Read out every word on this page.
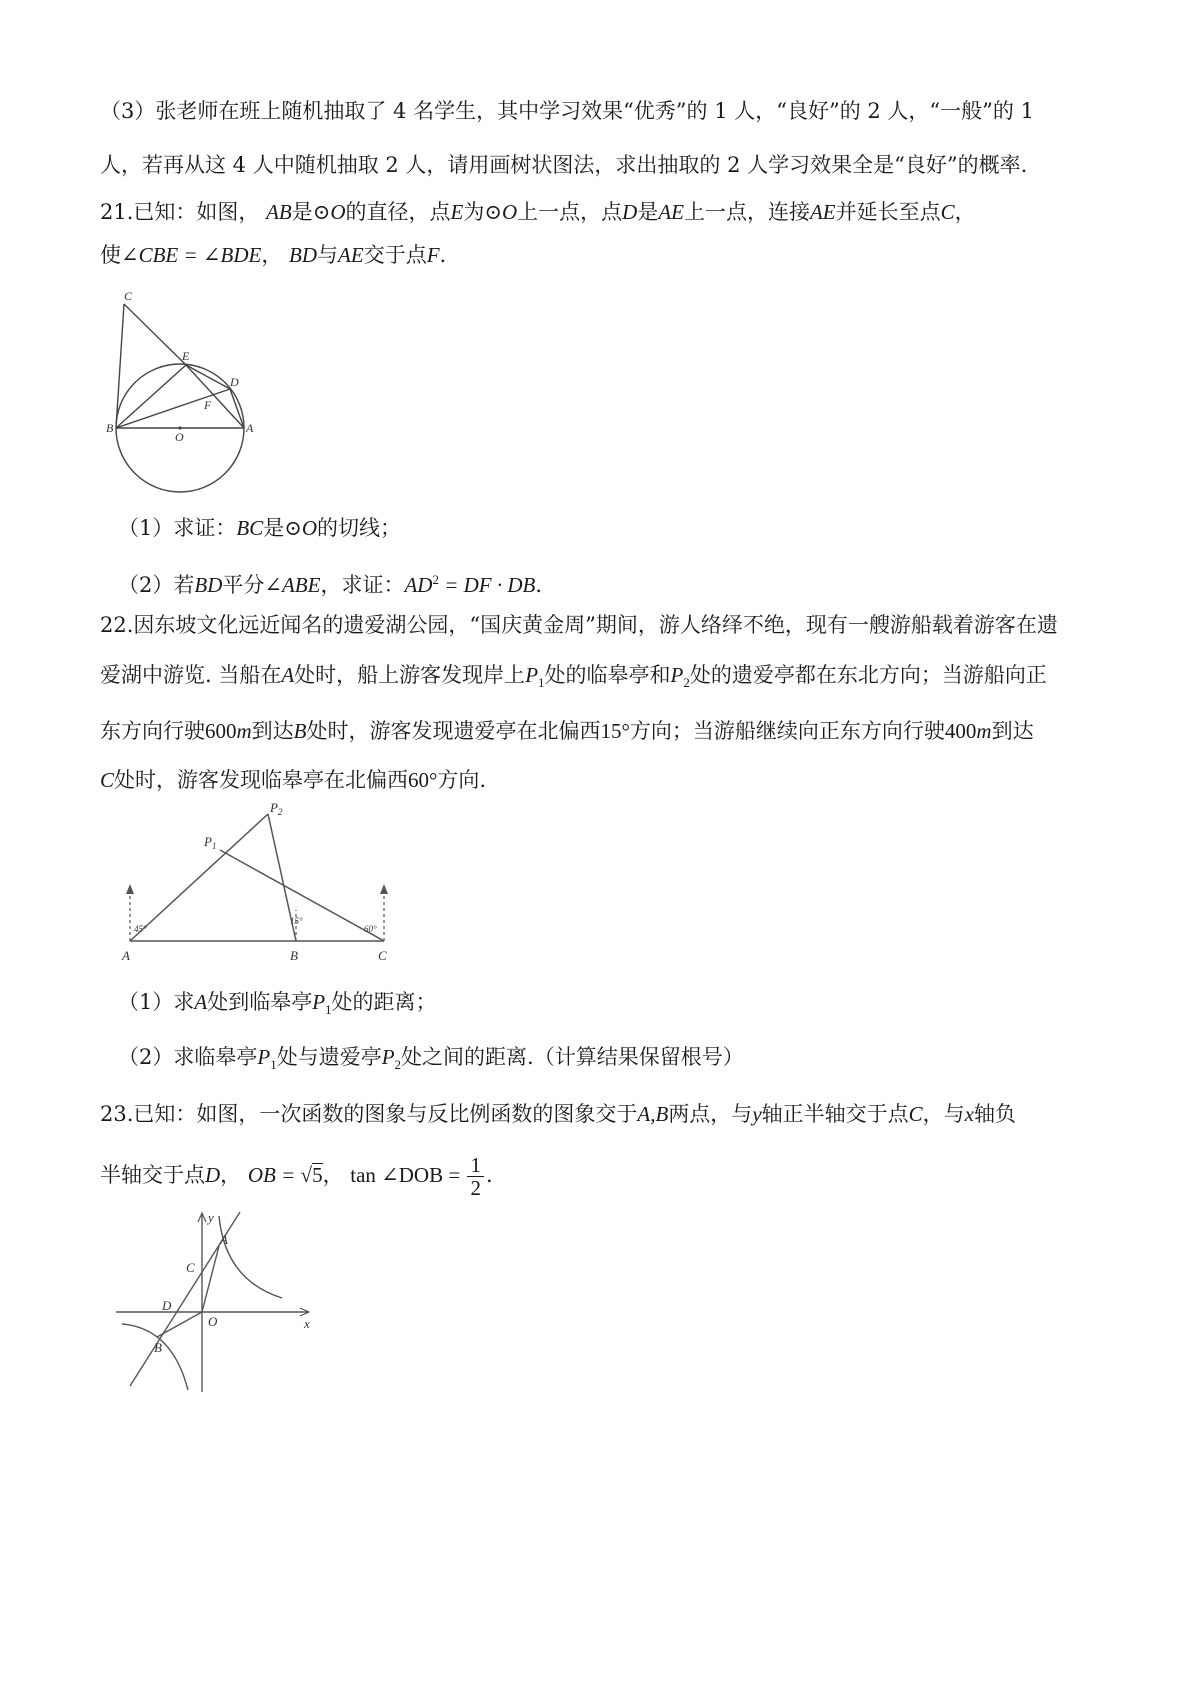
（3）张老师在班上随机抽取了 4 名学生，其中学习效果“优秀”的 1 人，“良好”的 2 人，“一般”的 1
人，若再从这 4 人中随机抽取 2 人，请用画树状图法，求出抽取的 2 人学习效果全是“良好”的概率.
21.已知：如图， AB是⊙O的直径，点E为⊙O上一点，点D是AE上一点，连接AE并延长至点C，
使∠CBE = ∠BDE， BD与AE交于点F.
C
E
D
F
B
O
A
（1）求证：BC是⊙O的切线；
（2）若BD平分∠ABE，求证：$AD^2$ = DF · DB.
22.因东坡文化远近闻名的遗爱湖公园，“国庆黄金周”期间，游人络绎不绝，现有一艘游船载着游客在遗
爱湖中游览. 当船在A处时，船上游客发现岸上$P_1$处的临皋亭和$P_2$处的遗爱亭都在东北方向；当游船向正
东方向行驶600m到达B处时，游客发现遗爱亭在北偏西15°方向；当游船继续向正东方向行驶400m到达
C处时，游客发现临皋亭在北偏西60°方向.
$P_1$
$P_2$
A	B	C
45°
15°
60°
（1）求A处到临皋亭$P_1$处的距离；
（2）求临皋亭$P_1$处与遗爱亭$P_2$处之间的距离.（计算结果保留根号）
23.已知：如图，一次函数的图象与反比例函数的图象交于A,B两点，与y轴正半轴交于点C，与x轴负
半轴交于点D， OB = √5， tan ∠DOB = $\frac{1}{2}$ .
y
x
A
C
D
O
B
